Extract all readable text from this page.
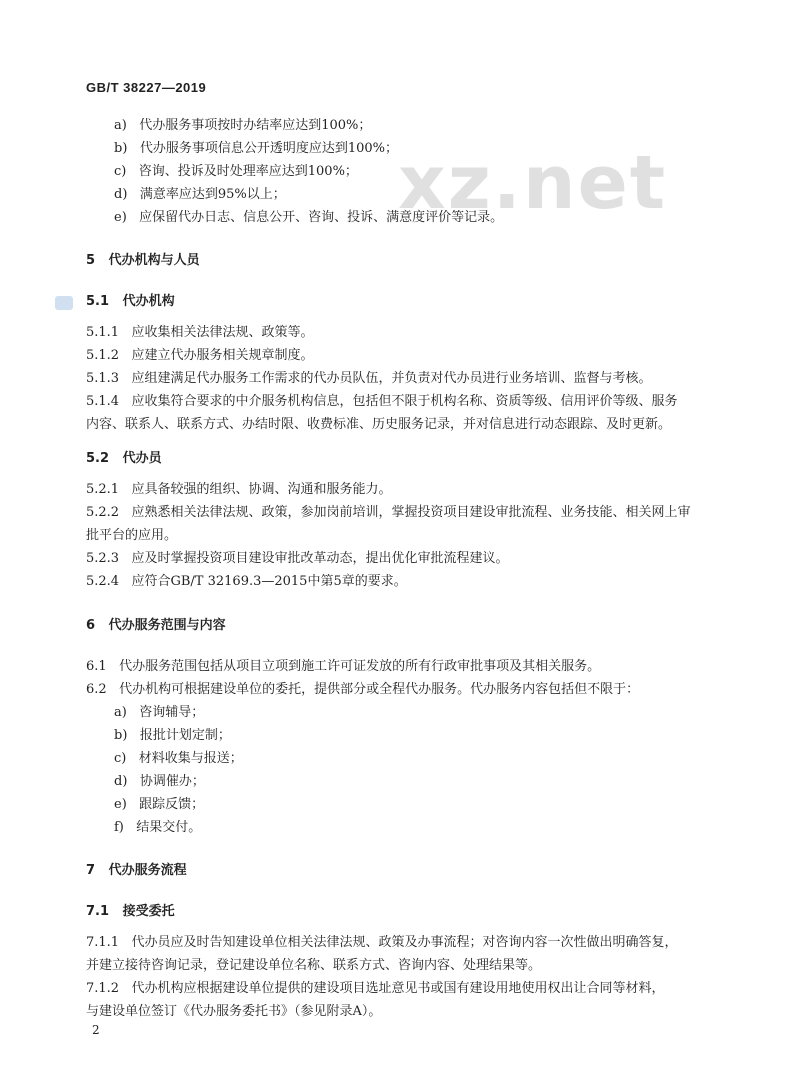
xz.net
GB/T 38227—2019
a) 代办服务事项按时办结率应达到100%；
b) 代办服务事项信息公开透明度应达到100%；
c) 咨询、投诉及时处理率应达到100%；
d) 满意率应达到95%以上；
e) 应保留代办日志、信息公开、咨询、投诉、满意度评价等记录。
5 代办机构与人员
5.1 代办机构
5.1.1 应收集相关法律法规、政策等。
5.1.2 应建立代办服务相关规章制度。
5.1.3 应组建满足代办服务工作需求的代办员队伍，并负责对代办员进行业务培训、监督与考核。
5.1.4 应收集符合要求的中介服务机构信息，包括但不限于机构名称、资质等级、信用评价等级、服务
内容、联系人、联系方式、办结时限、收费标准、历史服务记录，并对信息进行动态跟踪、及时更新。
5.2 代办员
5.2.1 应具备较强的组织、协调、沟通和服务能力。
5.2.2 应熟悉相关法律法规、政策，参加岗前培训，掌握投资项目建设审批流程、业务技能、相关网上审
批平台的应用。
5.2.3 应及时掌握投资项目建设审批改革动态，提出优化审批流程建议。
5.2.4 应符合GB/T 32169.3—2015中第5章的要求。
6 代办服务范围与内容
6.1 代办服务范围包括从项目立项到施工许可证发放的所有行政审批事项及其相关服务。
6.2 代办机构可根据建设单位的委托，提供部分或全程代办服务。代办服务内容包括但不限于：
a) 咨询辅导；
b) 报批计划定制；
c) 材料收集与报送；
d) 协调催办；
e) 跟踪反馈；
f) 结果交付。
7 代办服务流程
7.1 接受委托
7.1.1 代办员应及时告知建设单位相关法律法规、政策及办事流程；对咨询内容一次性做出明确答复，
并建立接待咨询记录，登记建设单位名称、联系方式、咨询内容、处理结果等。
7.1.2 代办机构应根据建设单位提供的建设项目选址意见书或国有建设用地使用权出让合同等材料，
与建设单位签订《代办服务委托书》（参见附录A）。
2
